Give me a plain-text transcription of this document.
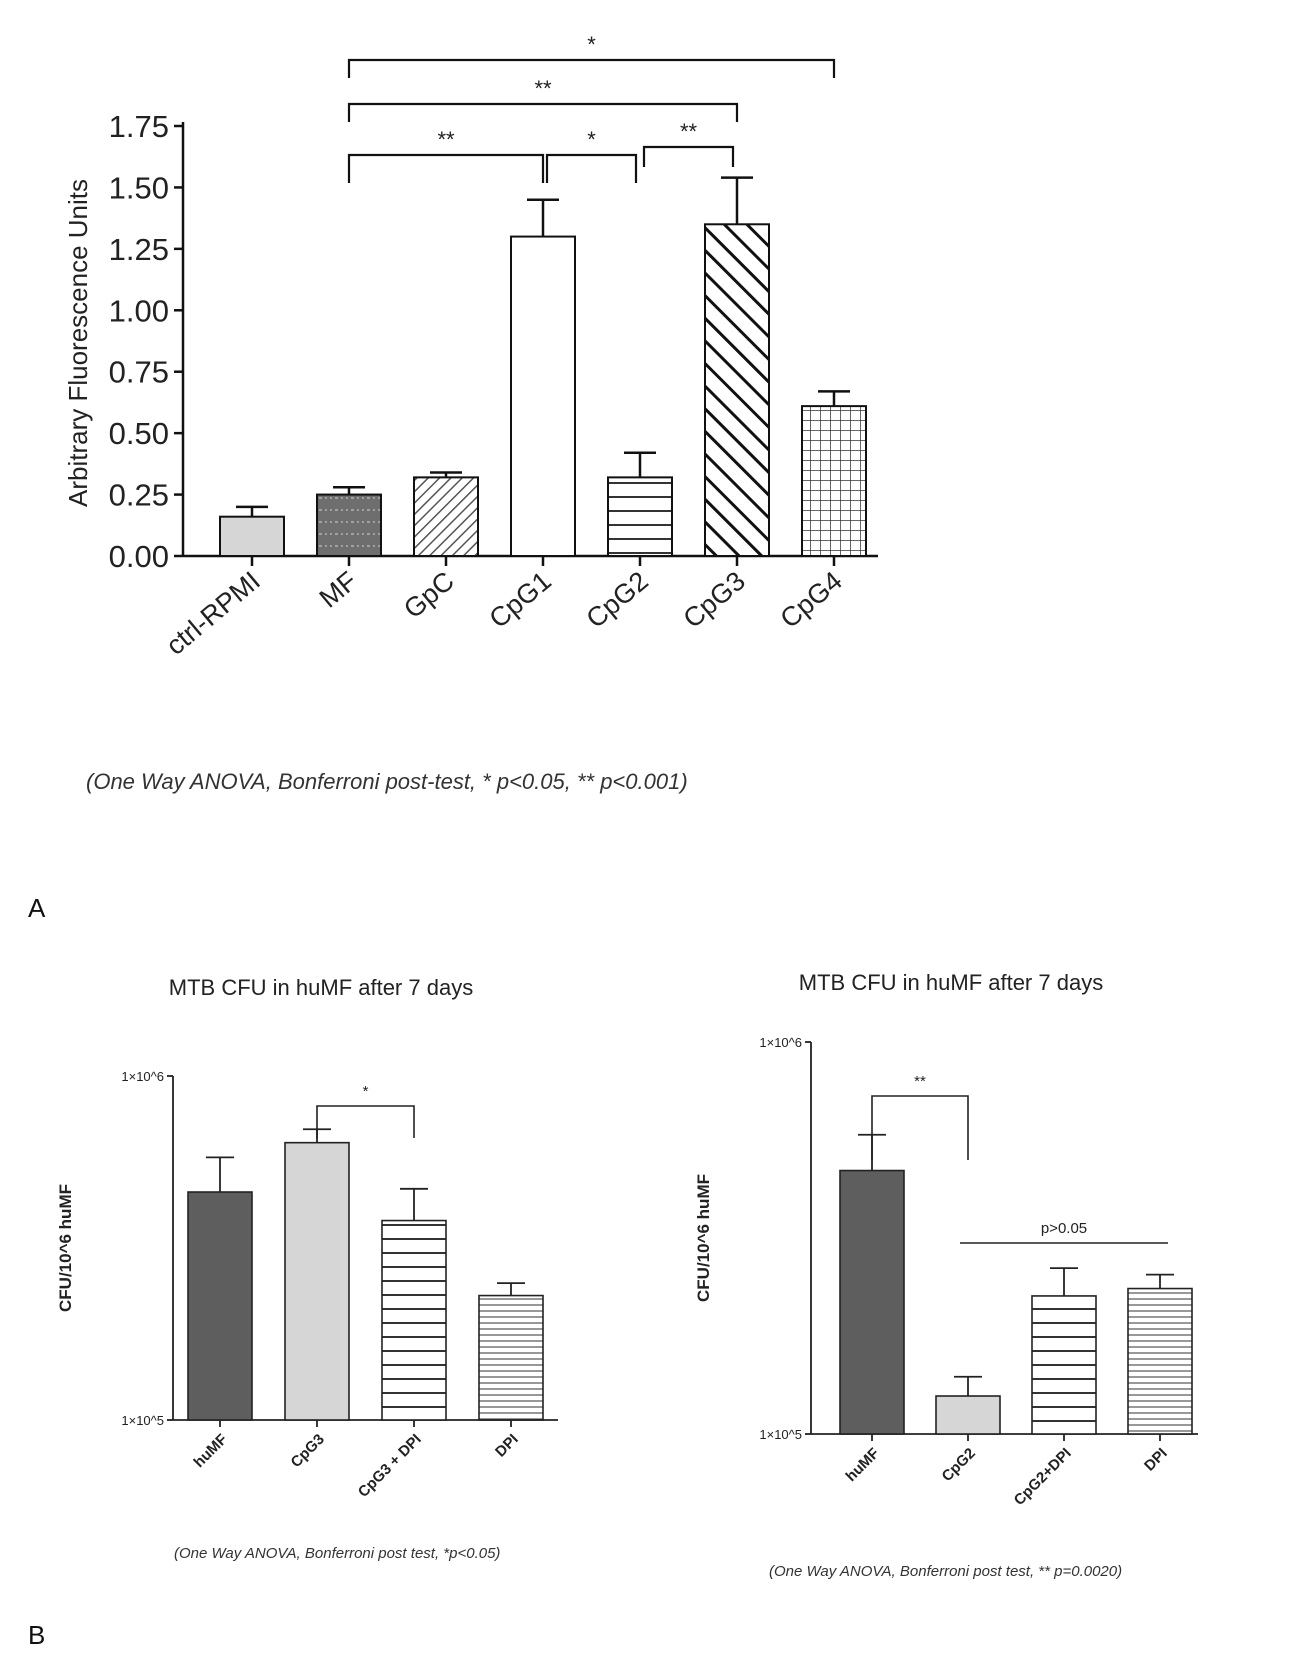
0.00
0.25
0.50
0.75
1.00
1.25
1.50
1.75
Arbitrary Fluorescence Units
ctrl-RPMI MF GpC CpG1 CpG2 CpG3 CpG4
*
**
**	*	**
(One Way ANOVA, Bonferroni post-test, * p<0.05, ** p<0.001)
MTB CFU in huMF after 7 days
1×10^5
1×10^6
CFU/10^6 huMF
huMF	CpG3 CpG3 + DPI	DPI
*
(One Way ANOVA, Bonferroni post test, *p<0.05)
MTB CFU in huMF after 7 days
1×10^5
1×10^6
CFU/10^6 huMF
huMF	CpG2 CpG2+DPI	DPI
**
p>0.05
(One Way ANOVA, Bonferroni post test, ** p=0.0020)
A
B
